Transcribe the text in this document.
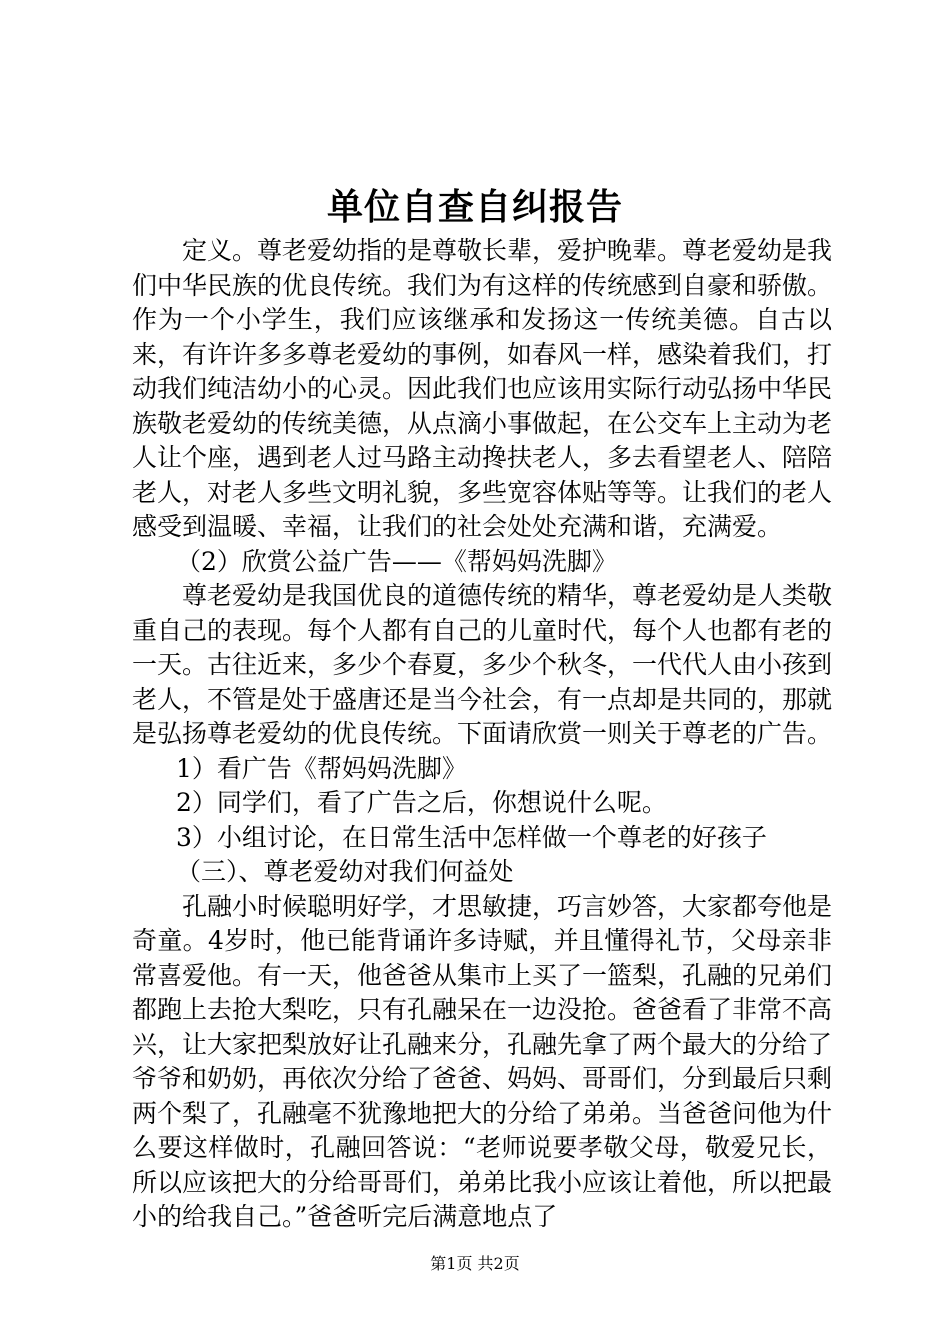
单位自查自纠报告

定义。尊老爱幼指的是尊敬长辈，爱护晚辈。尊老爱幼是我们中华民族的优良传统。我们为有这样的传统感到自豪和骄傲。作为一个小学生，我们应该继承和发扬这一传统美德。自古以来，有许许多多尊老爱幼的事例，如春风一样，感染着我们，打动我们纯洁幼小的心灵。因此我们也应该用实际行动弘扬中华民族敬老爱幼的传统美德，从点滴小事做起，在公交车上主动为老人让个座，遇到老人过马路主动搀扶老人，多去看望老人、陪陪老人，对老人多些文明礼貌，多些宽容体贴等等。让我们的老人感受到温暖、幸福，让我们的社会处处充满和谐，充满爱。

（2）欣赏公益广告——《帮妈妈洗脚》

尊老爱幼是我国优良的道德传统的精华，尊老爱幼是人类敬重自己的表现。每个人都有自己的儿童时代，每个人也都有老的一天。古往近来，多少个春夏，多少个秋冬，一代代人由小孩到老人，不管是处于盛唐还是当今社会，有一点却是共同的，那就是弘扬尊老爱幼的优良传统。下面请欣赏一则关于尊老的广告。

1）看广告《帮妈妈洗脚》

2）同学们，看了广告之后，你想说什么呢。

3）小组讨论，在日常生活中怎样做一个尊老的好孩子

（三）、尊老爱幼对我们何益处

孔融小时候聪明好学，才思敏捷，巧言妙答，大家都夸他是奇童。4岁时，他已能背诵许多诗赋，并且懂得礼节，父母亲非常喜爱他。有一天，他爸爸从集市上买了一篮梨，孔融的兄弟们都跑上去抢大梨吃，只有孔融呆在一边没抢。爸爸看了非常不高兴，让大家把梨放好让孔融来分，孔融先拿了两个最大的分给了爷爷和奶奶，再依次分给了爸爸、妈妈、哥哥们，分到最后只剩两个梨了，孔融毫不犹豫地把大的分给了弟弟。当爸爸问他为什么要这样做时，孔融回答说：“老师说要孝敬父母，敬爱兄长，所以应该把大的分给哥哥们，弟弟比我小应该让着他，所以把最小的给我自己。”爸爸听完后满意地点了

第1页 共2页
